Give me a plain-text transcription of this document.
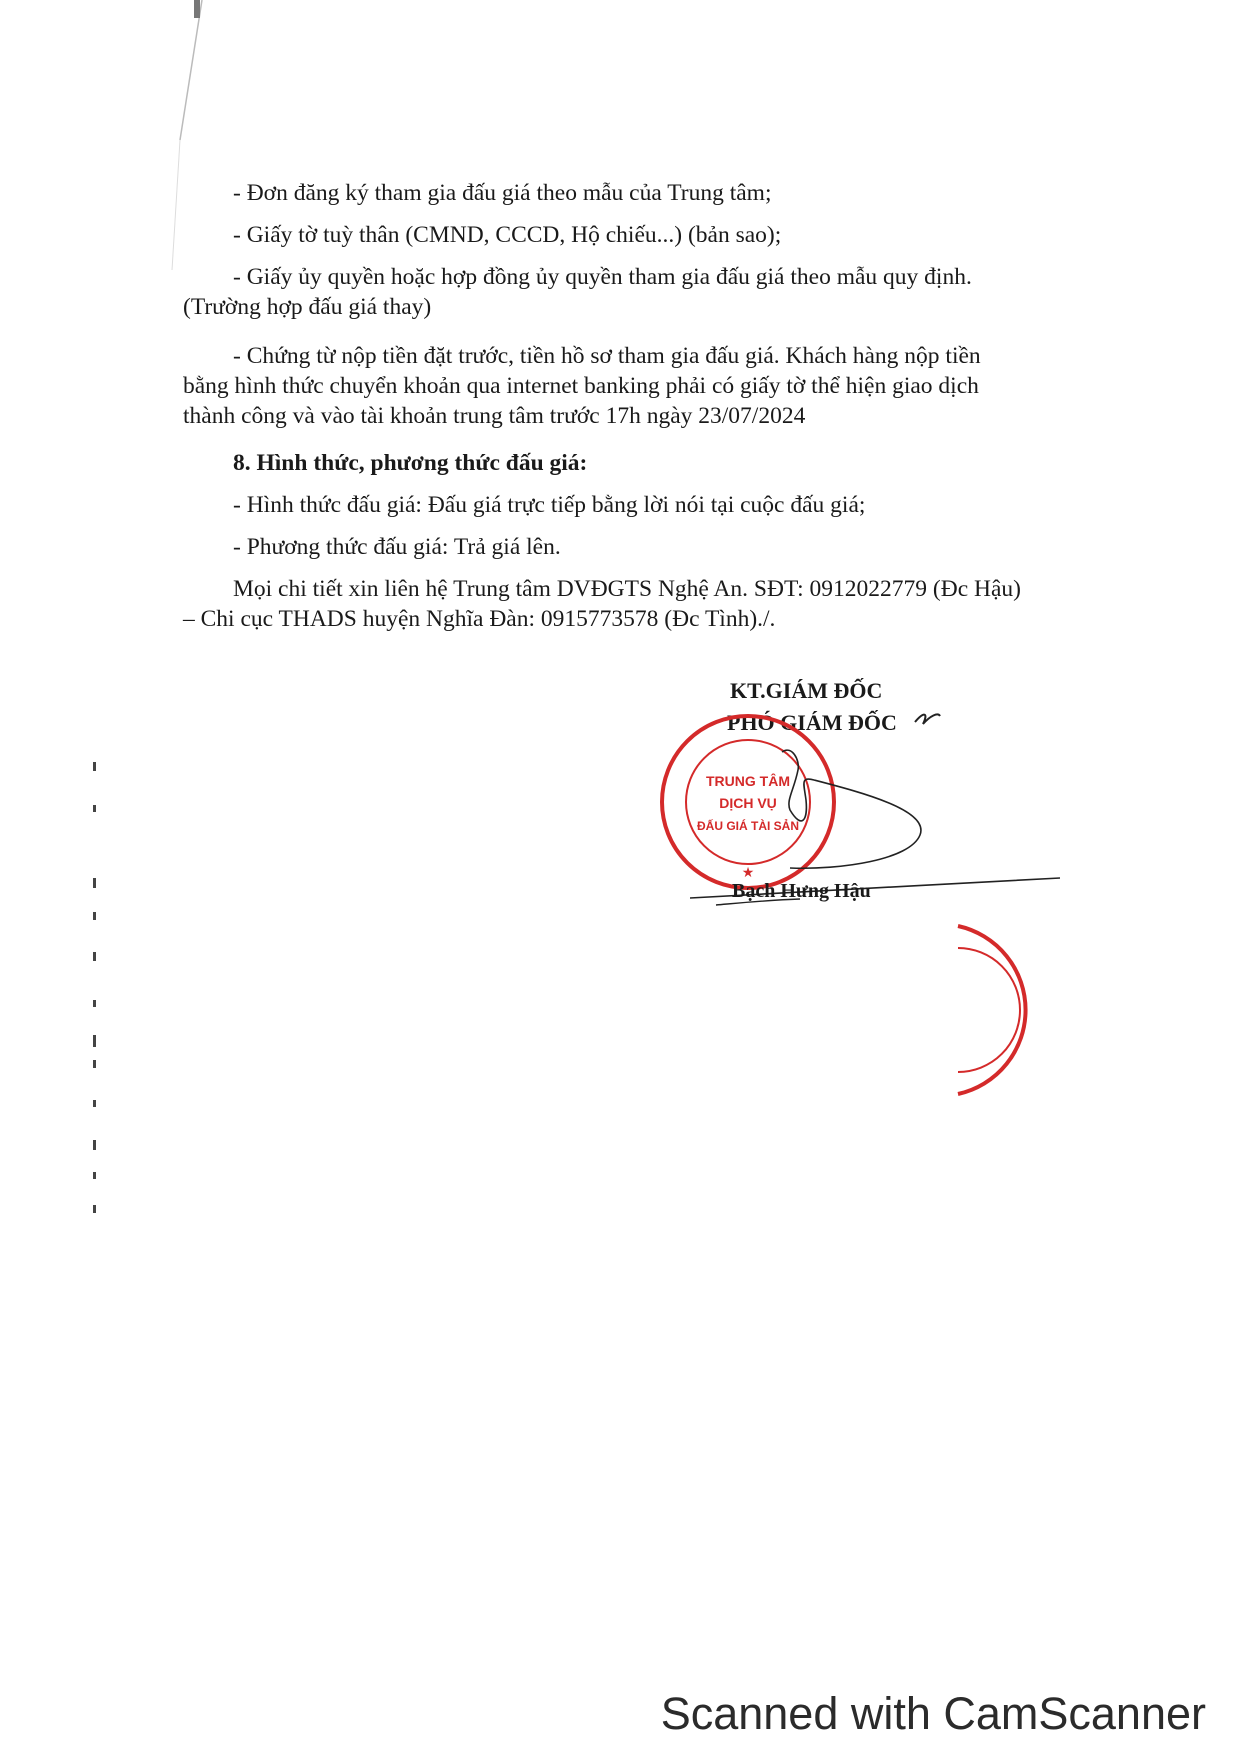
- Đơn đăng ký tham gia đấu giá theo mẫu của Trung tâm;
- Giấy tờ tuỳ thân (CMND, CCCD, Hộ chiếu...) (bản sao);
- Giấy ủy quyền hoặc hợp đồng ủy quyền tham gia đấu giá theo mẫu quy định.
(Trường hợp đấu giá thay)
- Chứng từ nộp tiền đặt trước, tiền hồ sơ tham gia đấu giá. Khách hàng nộp tiền
bằng hình thức chuyển khoản qua internet banking phải có giấy tờ thể hiện giao dịch
thành công và vào tài khoản trung tâm trước 17h ngày 23/07/2024
8. Hình thức, phương thức đấu giá:
- Hình thức đấu giá: Đấu giá trực tiếp bằng lời nói tại cuộc đấu giá;
- Phương thức đấu giá: Trả giá lên.
Mọi chi tiết xin liên hệ Trung tâm DVĐGTS Nghệ An. SĐT: 0912022779 (Đc Hậu)
– Chi cục THADS huyện Nghĩa Đàn: 0915773578 (Đc Tình)./.
KT.GIÁM ĐỐC
PHÓ GIÁM ĐỐC
TRUNG TÂM
DỊCH VỤ
ĐẤU GIÁ TÀI SẢN
★
Bạch Hưng Hậu
Scanned with CamScanner
